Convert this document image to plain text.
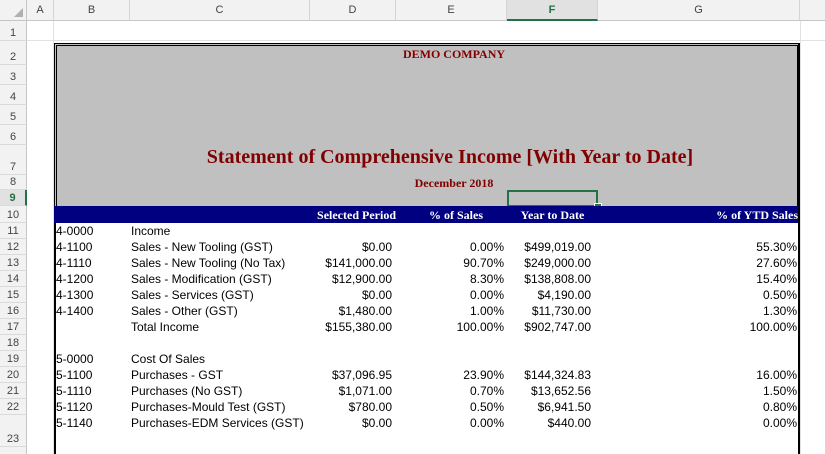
A	B	C	D	E	F	G
1
2
3
4
5
6
7
8
9
10
11
12
13
14
15
16
17
18
19
20
21
22
23
DEMO COMPANY
Statement of Comprehensive Income [With Year to Date]
December 2018
Selected Period	% of Sales	Year to Date	% of YTD Sales
4-0000	Income
4-1100	Sales - New Tooling (GST)	$0.00	0.00%	$499,019.00	55.30%
4-1110	Sales - New Tooling (No Tax)	$141,000.00	90.70%	$249,000.00	27.60%
4-1200	Sales - Modification (GST)	$12,900.00	8.30%	$138,808.00	15.40%
4-1300	Sales - Services (GST)	$0.00	0.00%	$4,190.00	0.50%
4-1400	Sales - Other (GST)	$1,480.00	1.00%	$11,730.00	1.30%
Total Income	$155,380.00	100.00%	$902,747.00	100.00%
5-0000	Cost Of Sales
5-1100	Purchases - GST	$37,096.95	23.90%	$144,324.83	16.00%
5-1110	Purchases (No GST)	$1,071.00	0.70%	$13,652.56	1.50%
5-1120	Purchases-Mould Test (GST)	$780.00	0.50%	$6,941.50	0.80%
5-1140	Purchases-EDM Services (GST)	$0.00	0.00%	$440.00	0.00%
